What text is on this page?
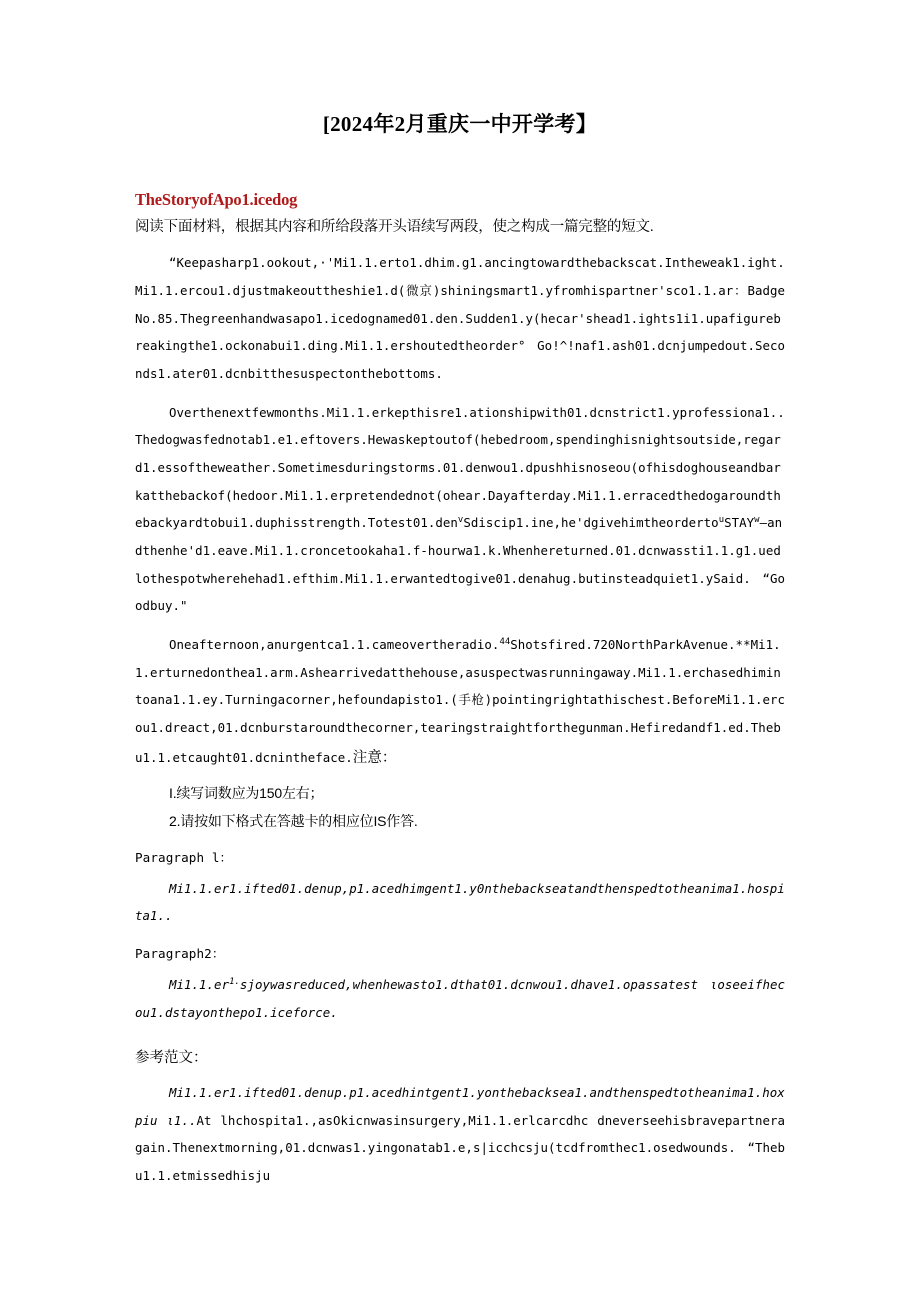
[2024年2月重庆一中开学考】
TheStoryofApo1.icedog

阅读下面材料，根据其内容和所给段落开头语续写两段，使之构成一篇完整的短文.

“Keepasharp1.ookout,·'Mi1.1.erto1.dhim.g1.ancingtowardthebackscat.Intheweak1.ight.Mi1.1.ercou1.djustmakeouttheshie1.d(微京)shiningsmart1.yfromhispartner'sco1.1.ar：BadgeNo.85.Thegreenhandwasapo1.icedognamed01.den.Sudden1.y(hecar'shead1.ights1i1.upafigurebreakingthe1.ockonabui1.ding.Mi1.1.ershoutedtheorder° Go!^!naf1.ash01.dcnjumpedout.Seconds1.ater01.dcnbitthesuspectonthebottoms.

Overthenextfewmonths.Mi1.1.erkepthisre1.ationshipwith01.dcnstrict1.yprofessiona1..Thedogwasfednotab1.e1.eftovers.Hewaskeptoutof(hebedroom,spendinghisnightsoutside,regard1.essoftheweather.Sometimesduringstorms.01.denwou1.dpushhisnoseo∪(ofhisdoghouseandbarkatthebackof(hedoor.Mi1.1.erpretendednot(ohear.Dayafterday.Mi1.1.erracedthedogaroundthebackyardtobui1.duphisstrength.Totest01.den$^v$Sdiscip1.ine,he'dgivehimtheorderto$^u$STAY$^w$—andthenhe'd1.eave.Mi1.1.croncetookaha1.f-hourwa1.k.Whenhereturned.01.dcnwassti1.1.g1.uedlothespotwherehehad1.efthim.Mi1.1.erwantedtogive01.denahug.butinsteadquiet1.ySaid. “Goodbuy."

Oneafternoon,anurgentca1.1.cameovertheradio.$^{44}$Shotsfired.720NorthParkAvenue.**Mi1.1.erturnedonthea1.arm.Ashearrivedatthehouse,asuspectwasrunningaway.Mi1.1.erchasedhimintoana1.1.ey.Turningacorner,hefoundapisto1.(手枪)pointingrightathischest.BeforeMi1.1.ercou1.dreact,01.dcnburstaroundthecorner,tearingstraightforthegunman.Hefiredandf1.ed.Thebu1.1.etcaught01.dcnintheface.注意：

I.续写词数应为150左右；
2.请按如下格式在答越卡的相应位IS作答.

Paragraph l：

Mi1.1.er1.ifted01.denup,p1.acedhimgent1.y0nthebackseatandthenspedtotheanima1.hospita1..

Paragraph2：

$Mi1.1.er^{1.}sjoywasreduced,whenhewasto1.dthat01.dcnwou1.dhave1.opassatest$ ιoseeifhecou1.dstayonthepo1.iceforce.

参考范文：

Mi1.1.er1.ifted01.denup.p1.acedhintgent1.yonthebacksea1.andthenspedtotheanima1.hoxpiu ι1..At lhchospita1.,asOkicnwasinsurgery,Mi1.1.erlcarcdhc dneverseehisbravepartneragain.Thenextmorning,01.dcnwas1.yingonatab1.e,s|icchcsju(tcdfromthec1.osedwounds. “Thebu1.1.etmissedhisju
